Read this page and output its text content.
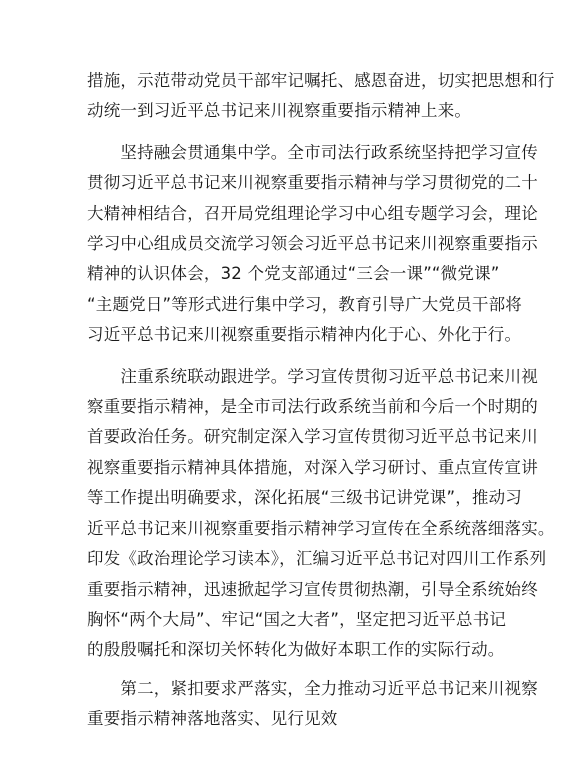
措施，示范带动党员干部牢记嘱托、感恩奋进，切实把思想和行
动统一到习近平总书记来川视察重要指示精神上来。

　　坚持融会贯通集中学。全市司法行政系统坚持把学习宣传
贯彻习近平总书记来川视察重要指示精神与学习贯彻党的二十
大精神相结合，召开局党组理论学习中心组专题学习会，理论
学习中心组成员交流学习领会习近平总书记来川视察重要指示
精神的认识体会，32 个党支部通过“三会一课”“微党课”
“主题党日”等形式进行集中学习，教育引导广大党员干部将
习近平总书记来川视察重要指示精神内化于心、外化于行。

　　注重系统联动跟进学。学习宣传贯彻习近平总书记来川视
察重要指示精神，是全市司法行政系统当前和今后一个时期的
首要政治任务。研究制定深入学习宣传贯彻习近平总书记来川
视察重要指示精神具体措施，对深入学习研讨、重点宣传宣讲
等工作提出明确要求，深化拓展“三级书记讲党课”，推动习
近平总书记来川视察重要指示精神学习宣传在全系统落细落实。
印发《政治理论学习读本》，汇编习近平总书记对四川工作系列
重要指示精神，迅速掀起学习宣传贯彻热潮，引导全系统始终
胸怀“两个大局”、牢记“国之大者”，坚定把习近平总书记
的殷殷嘱托和深切关怀转化为做好本职工作的实际行动。

　　第二，紧扣要求严落实，全力推动习近平总书记来川视察
重要指示精神落地落实、见行见效
